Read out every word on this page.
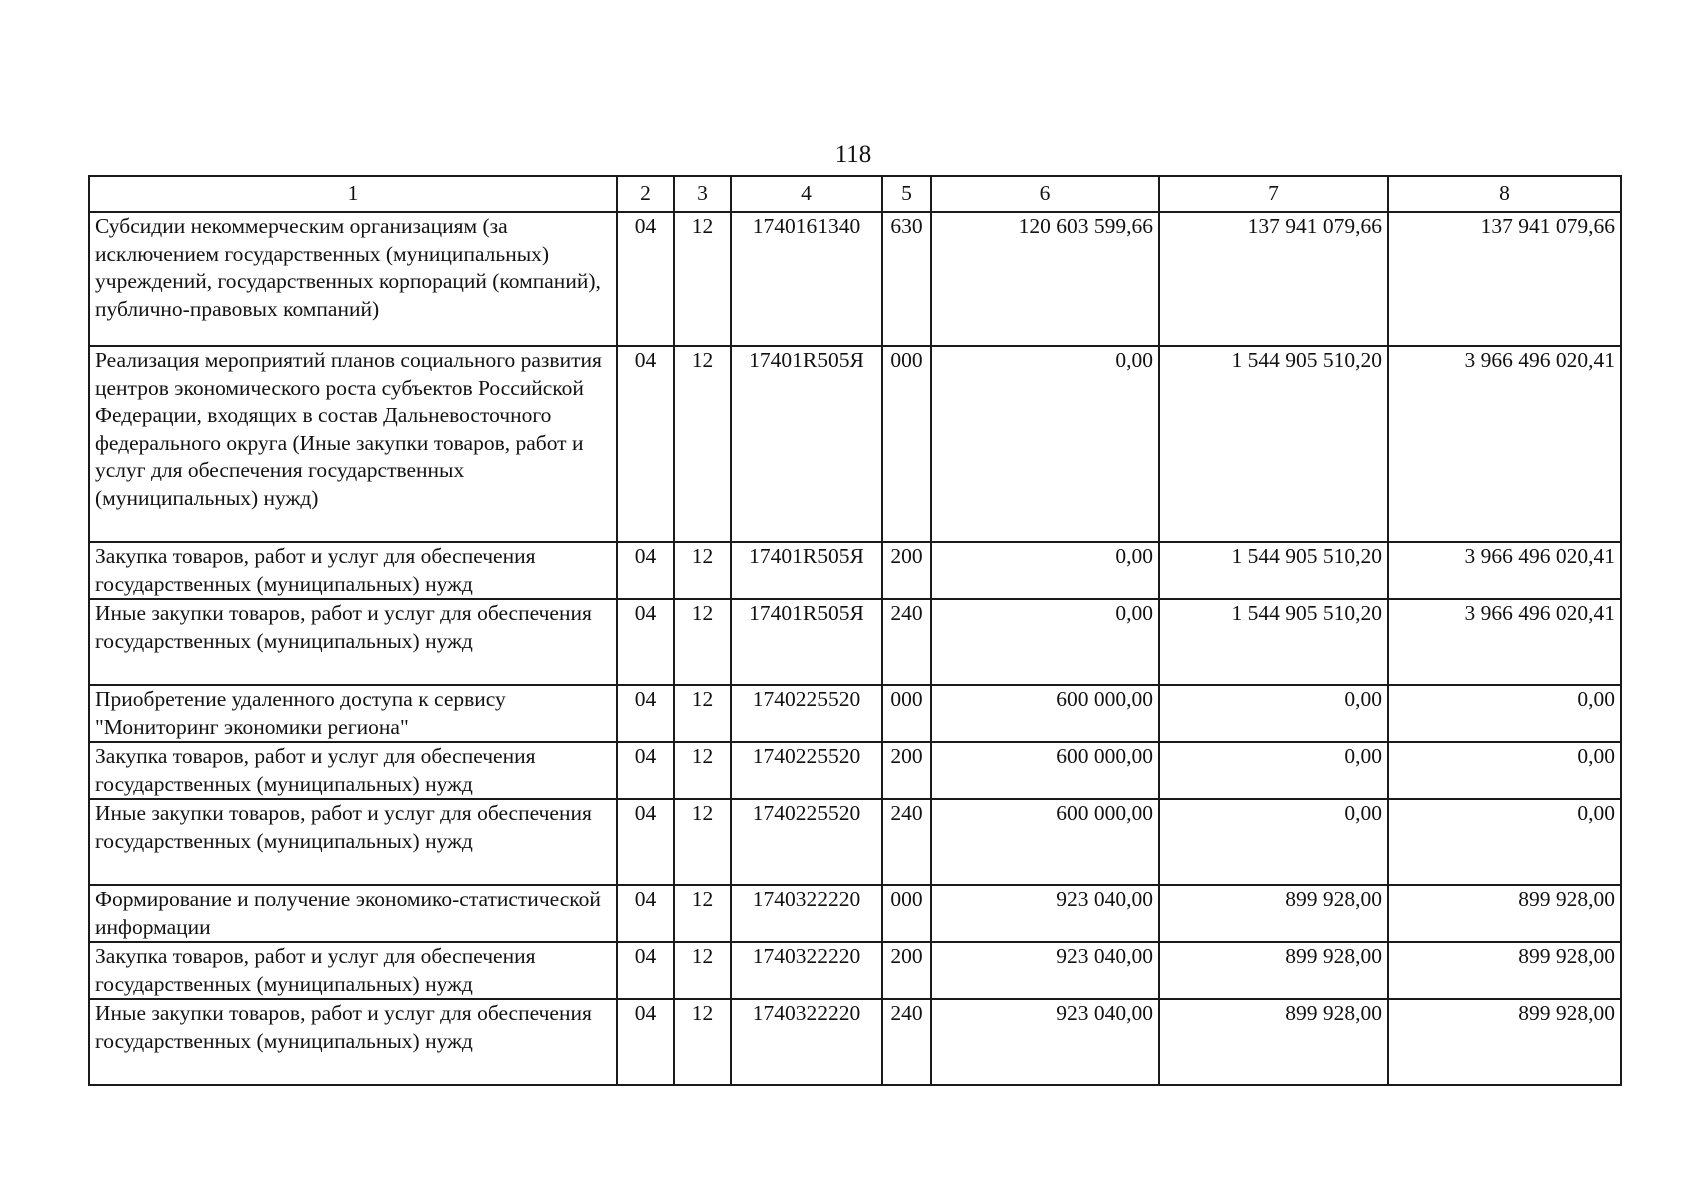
118
1	2	3	4	5	6	7	8
Субсидии некоммерческим организациям (за исключением государственных (муниципальных) учреждений, государственных корпораций (компаний), публично-правовых компаний)	04	12	1740161340	630	120 603 599,66	137 941 079,66	137 941 079,66
Реализация мероприятий планов социального развития центров экономического роста субъектов Российской Федерации, входящих в состав Дальневосточного федерального округа (Иные закупки товаров, работ и услуг для обеспечения государственных (муниципальных) нужд)	04	12	17401R505Я	000	0,00	1 544 905 510,20	3 966 496 020,41
Закупка товаров, работ и услуг для обеспечения государственных (муниципальных) нужд	04	12	17401R505Я	200	0,00	1 544 905 510,20	3 966 496 020,41
Иные закупки товаров, работ и услуг для обеспечения государственных (муниципальных) нужд	04	12	17401R505Я	240	0,00	1 544 905 510,20	3 966 496 020,41
Приобретение удаленного доступа к сервису "Мониторинг экономики региона"	04	12	1740225520	000	600 000,00	0,00	0,00
Закупка товаров, работ и услуг для обеспечения государственных (муниципальных) нужд	04	12	1740225520	200	600 000,00	0,00	0,00
Иные закупки товаров, работ и услуг для обеспечения государственных (муниципальных) нужд	04	12	1740225520	240	600 000,00	0,00	0,00
Формирование и получение экономико-статистической информации	04	12	1740322220	000	923 040,00	899 928,00	899 928,00
Закупка товаров, работ и услуг для обеспечения государственных (муниципальных) нужд	04	12	1740322220	200	923 040,00	899 928,00	899 928,00
Иные закупки товаров, работ и услуг для обеспечения государственных (муниципальных) нужд	04	12	1740322220	240	923 040,00	899 928,00	899 928,00
